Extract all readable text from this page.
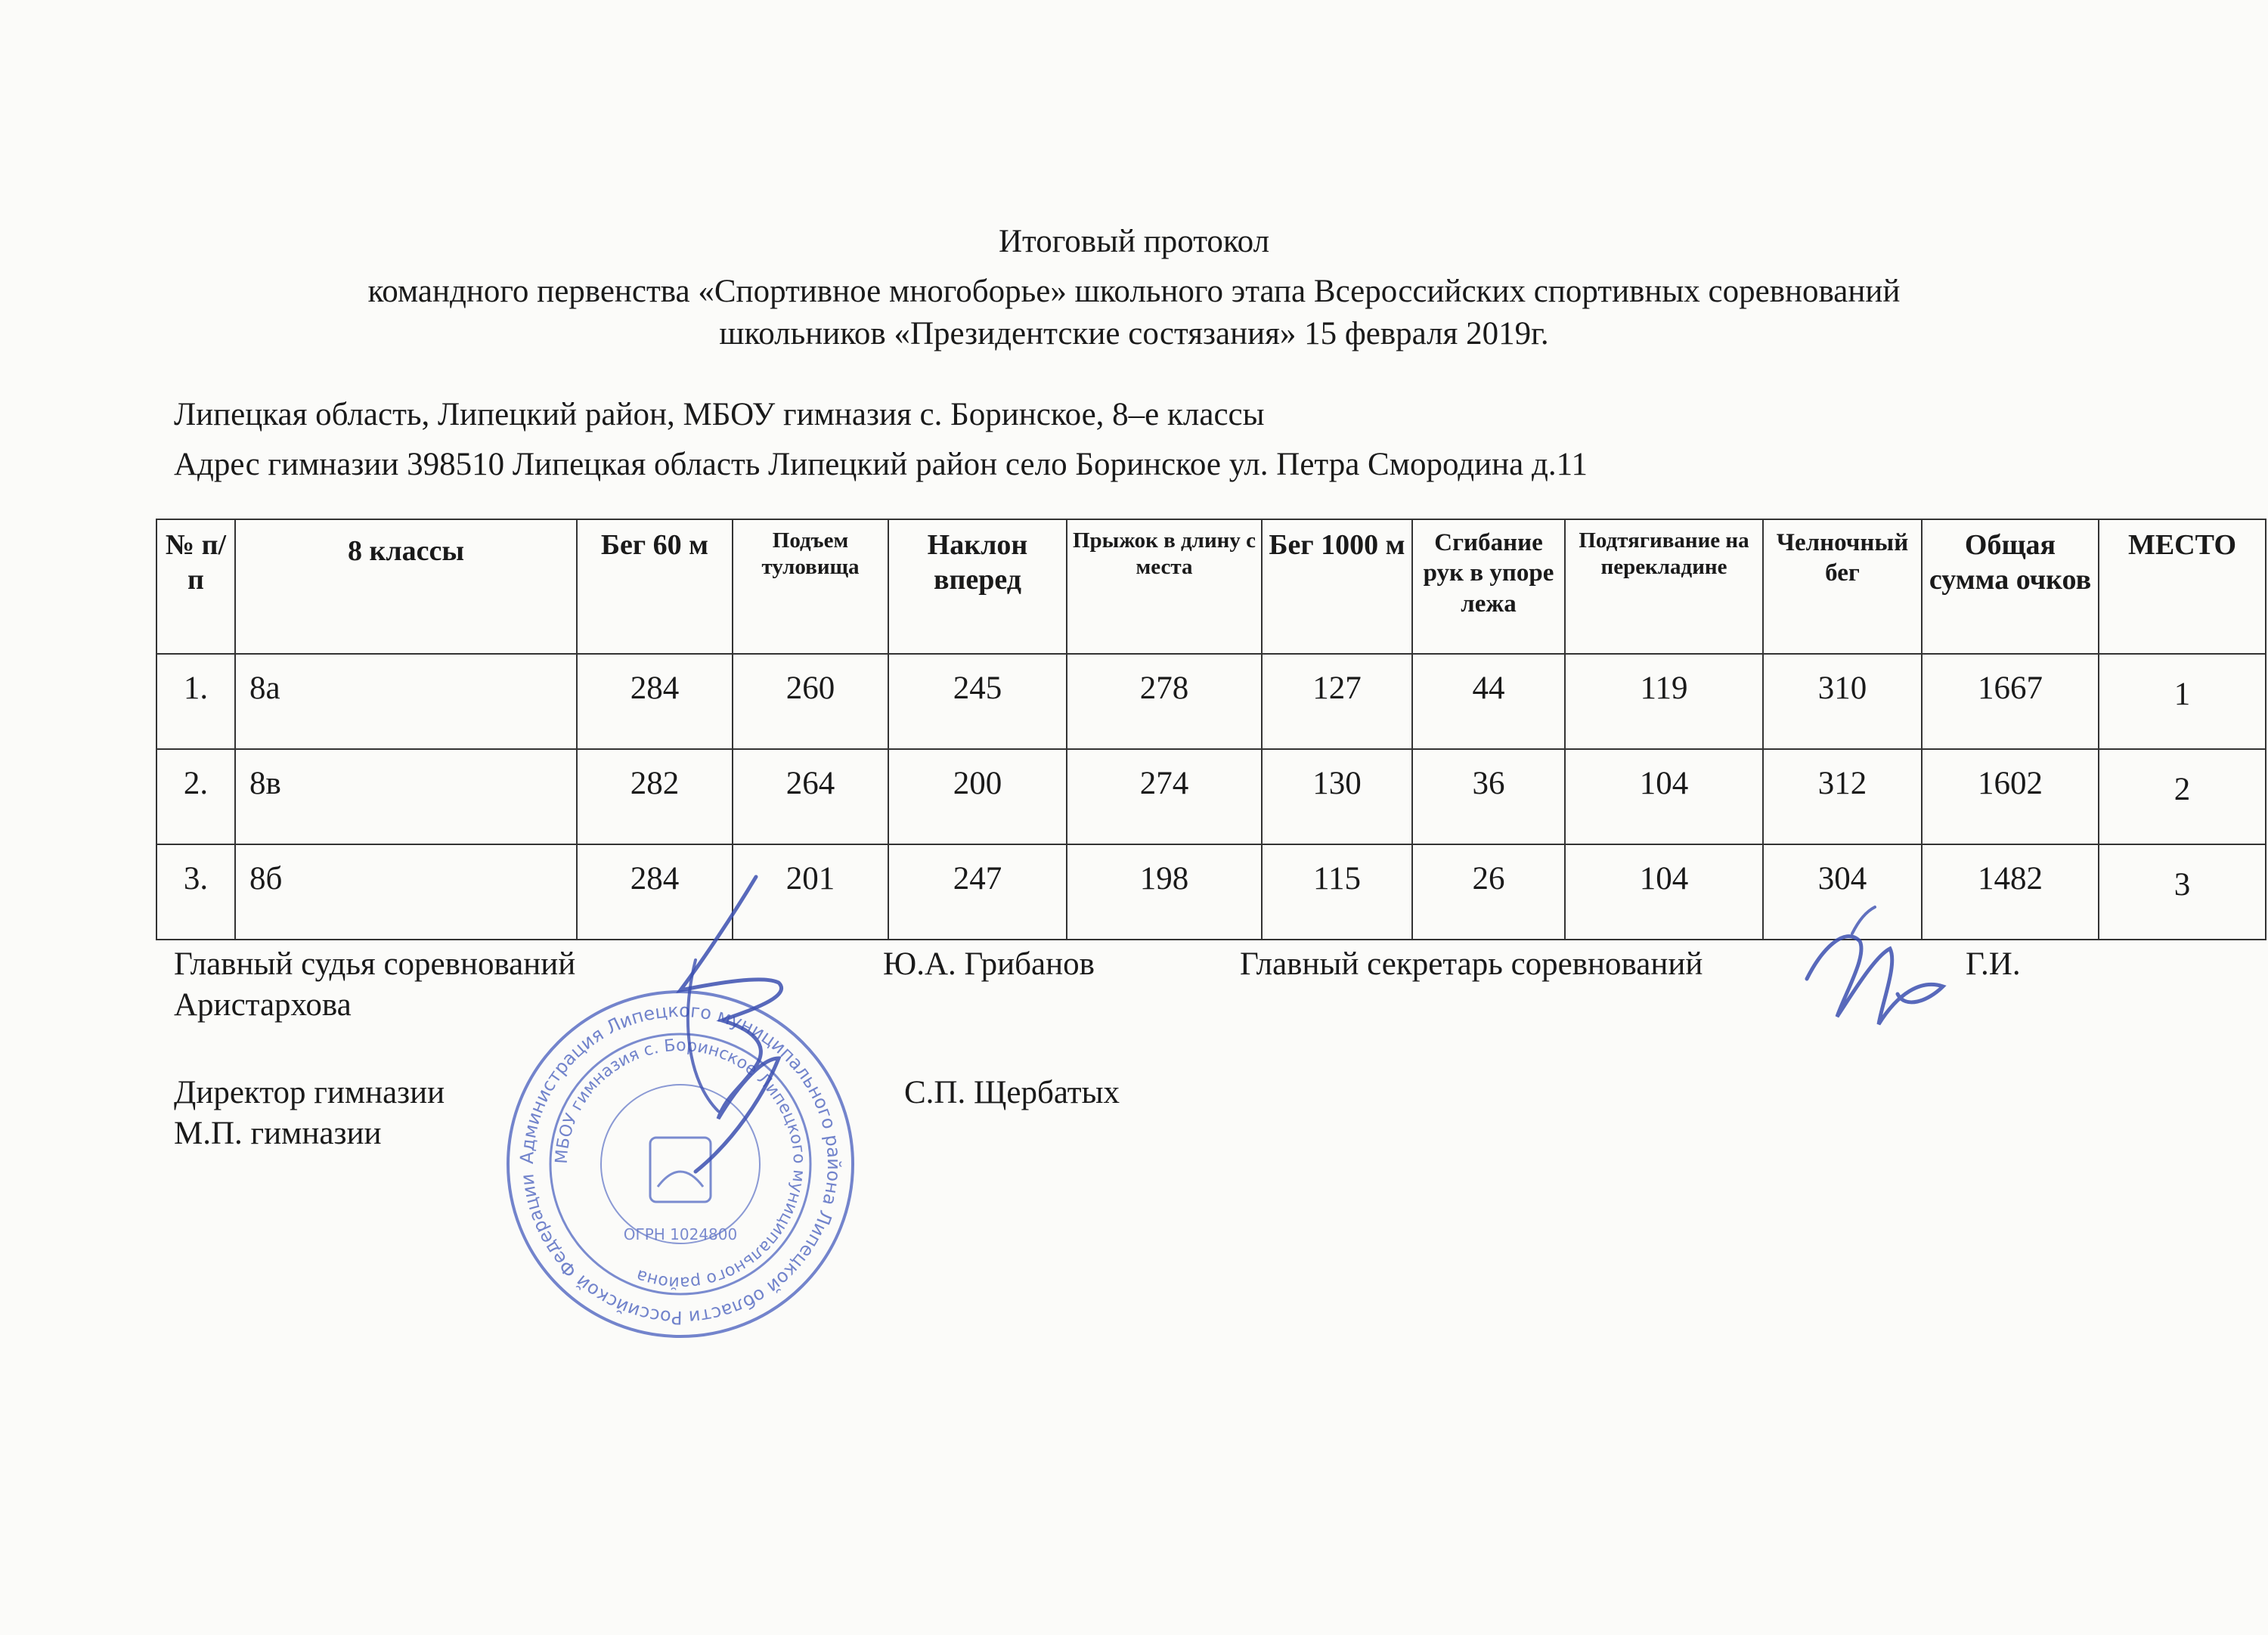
Итоговый протокол
командного первенства «Спортивное многоборье» школьного этапа Всероссийских спортивных соревнований
школьников «Президентские состязания» 15 февраля 2019г.
Липецкая область, Липецкий район, МБОУ гимназия с. Боринское, 8–е классы
Адрес гимназии 398510 Липецкая область Липецкий район село Боринское ул. Петра Смородина д.11
№ п/п	8 классы	Бег 60 м	Подъем туловища	Наклон вперед	Прыжок в длину с места	Бег 1000 м	Сгибание рук в упоре лежа	Подтягивание на перекладине	Челночный бег	Общая сумма очков	МЕСТО
1.	8а	284	260	245	278	127	44	119	310	1667	1
2.	8в	282	264	200	274	130	36	104	312	1602	2
3.	8б	284	201	247	198	115	26	104	304	1482	3
Главный судья соревнований	Ю.А. Грибанов	Главный секретарь соревнований	Г.И.
Аристархова
Директор гимназии	С.П. Щербатых
М.П. гимназии
Администрация Липецкого муниципального района Липецкой области Российской Федерации
МБОУ гимназия с. Боринское Липецкого муниципального района
ОГРН 1024800
